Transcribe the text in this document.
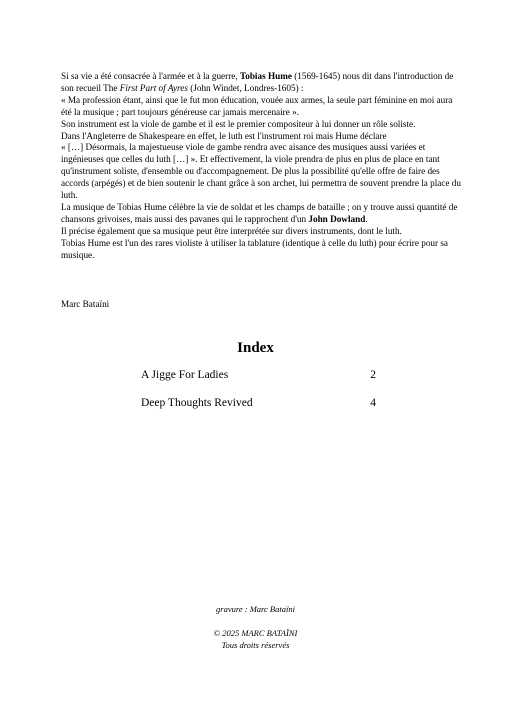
Si sa vie a été consacrée à l'armée et à la guerre, Tobias Hume (1569-1645) nous dit dans l'introduction de son recueil The First Part of Ayres (John Windet, Londres-1605) :

« Ma profession étant, ainsi que le fut mon éducation, vouée aux armes, la seule part féminine en moi aura été la musique ; part toujours généreuse car jamais mercenaire ».

Son instrument est la viole de gambe et il est le premier compositeur à lui donner un rôle soliste.

Dans l'Angleterre de Shakespeare en effet, le luth est l'instrument roi mais Hume déclare

« […] Désormais, la majestueuse viole de gambe rendra avec aisance des musiques aussi variées et ingénieuses que celles du luth […] ». Et effectivement, la viole prendra de plus en plus de place en tant qu'instrument soliste, d'ensemble ou d'accompagnement. De plus la possibilité qu'elle offre de faire des accords (arpégés) et de bien soutenir le chant grâce à son archet, lui permettra de souvent prendre la place du luth.

La musique de Tobias Hume célèbre la vie de soldat et les champs de bataille ; on y trouve aussi quantité de chansons grivoises, mais aussi des pavanes qui le rapprochent d'un John Dowland.

Il précise également que sa musique peut être interprétée sur divers instruments, dont le luth.

Tobias Hume est l'un des rares violiste à utiliser la tablature (identique à celle du luth) pour écrire pour sa musique.

Marc Bataïni
Index
A Jigge For Ladies	2
Deep Thoughts Revived	4
gravure : Marc Bataïni
© 2025 MARC BATAÏNI
Tous droits réservés
